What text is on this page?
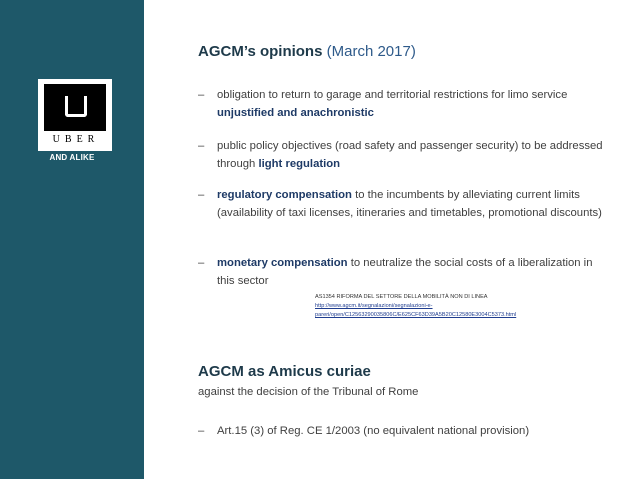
U B E R
AND ALIKE
AGCM’s opinions (March 2017)
– obligation to return to garage and territorial restrictions for limo service unjustified and anachronistic
– public policy objectives (road safety and passenger security) to be addressed through light regulation
– regulatory compensation to the incumbents by alleviating current limits (availability of taxi licenses, itineraries and timetables, promotional discounts)
– monetary compensation to neutralize the social costs of a liberalization in this sector
AS1354 RIFORMA DEL SETTORE DELLA MOBILITÀ NON DI LINEA
http://www.agcm.it/segnalazioni/segnalazioni-e-
pareri/open/C12563290035806C/E625CF63D39A5B20C12580E3004C5373.html
AGCM as Amicus curiae
against the decision of the Tribunal of Rome
– Art.15 (3) of Reg. CE 1/2003 (no equivalent national provision)
